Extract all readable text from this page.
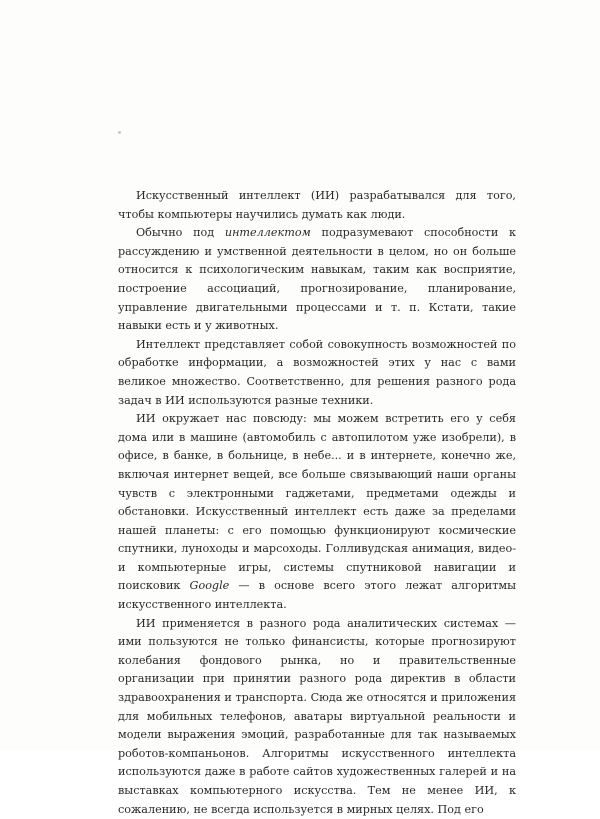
Искусственный интеллект (ИИ) разрабатывался для того, чтобы компьютеры научились думать как люди.

Обычно под интеллектом подразумевают способности к рассуждению и умственной деятельности в целом, но он больше относится к психологическим навыкам, таким как восприятие, построение ассоциаций, прогнозирование, планирование, управление двигательными процессами и т. п. Кстати, такие навыки есть и у животных.

Интеллект представляет собой совокупность возможностей по обработке информации, а возможностей этих у нас с вами великое множество. Соответственно, для решения разного рода задач в ИИ используются разные техники.

ИИ окружает нас повсюду: мы можем встретить его у себя дома или в машине (автомобиль с автопилотом уже изобрели), в офисе, в банке, в больнице, в небе... и в интернете, конечно же, включая интернет вещей, все больше связывающий наши органы чувств с электронными гаджетами, предметами одежды и обстановки. Искусственный интеллект есть даже за пределами нашей планеты: с его помощью функционируют космические спутники, луноходы и марсоходы. Голливудская анимация, видео- и компьютерные игры, системы спутниковой навигации и поисковик Google — в основе всего этого лежат алгоритмы искусственного интеллекта.

ИИ применяется в разного рода аналитических системах — ими пользуются не только финансисты, которые прогнозируют колебания фондового рынка, но и правительственные организации при принятии разного рода директив в области здравоохранения и транспорта. Сюда же относятся и приложения для мобильных телефонов, аватары виртуальной реальности и модели выражения эмоций, разработанные для так называемых роботов-компаньонов. Алгоритмы искусственного интеллекта используются даже в работе сайтов художественных галерей и на выставках компьютерного искусства. Тем не менее ИИ, к сожалению, не всегда используется в мирных целях. Под его
